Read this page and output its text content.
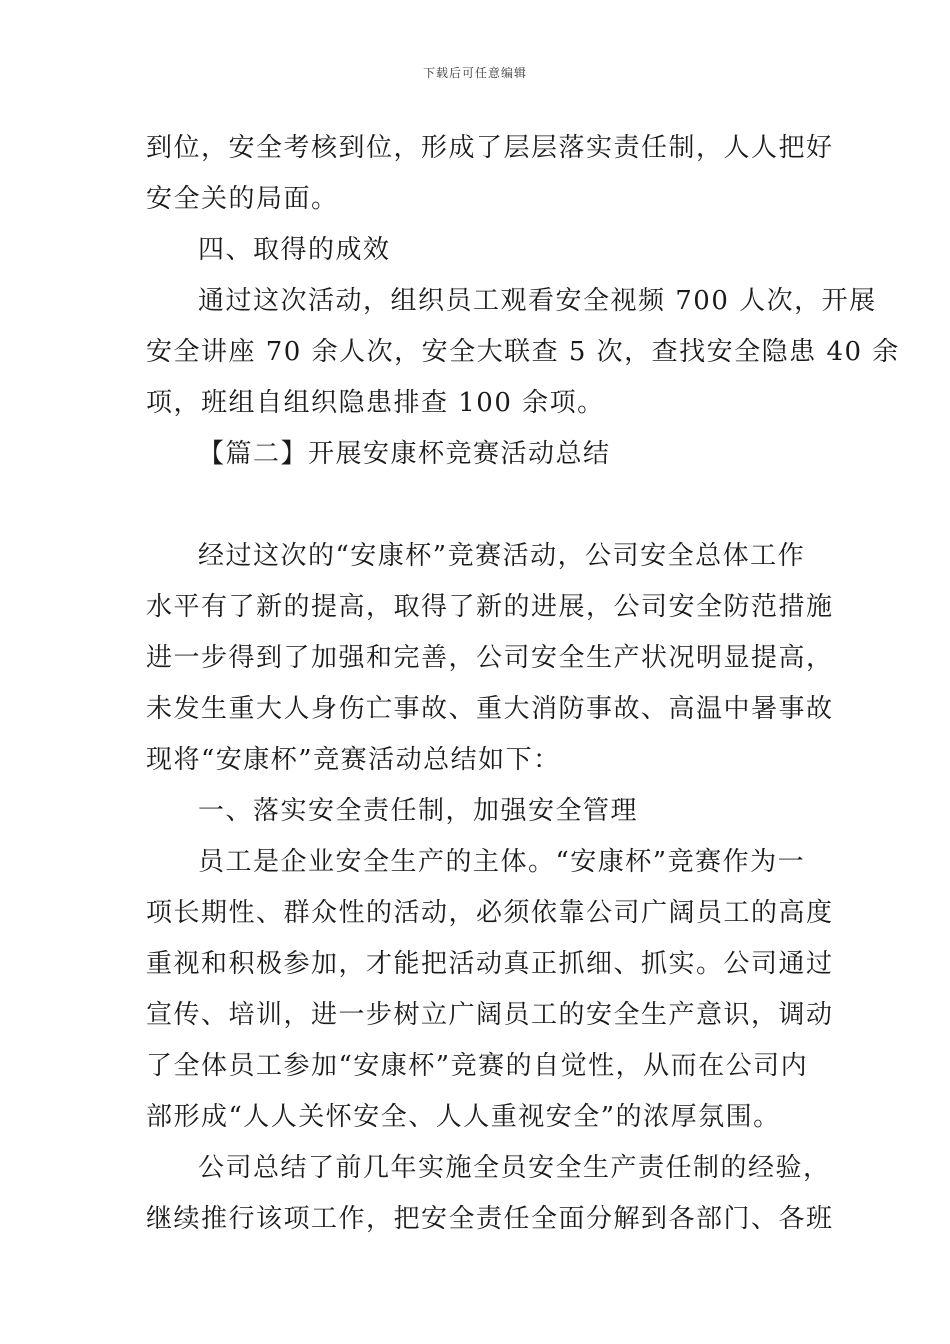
下载后可任意编辑
到位，安全考核到位，形成了层层落实责任制，人人把好
安全关的局面。
四、取得的成效
通过这次活动，组织员工观看安全视频 700 人次，开展
安全讲座 70 余人次，安全大联查 5 次，查找安全隐患 40 余
项，班组自组织隐患排查 100 余项。
【篇二】开展安康杯竞赛活动总结
经过这次的“安康杯”竞赛活动，公司安全总体工作
水平有了新的提高，取得了新的进展，公司安全防范措施
进一步得到了加强和完善，公司安全生产状况明显提高，
未发生重大人身伤亡事故、重大消防事故、高温中暑事故
现将“安康杯”竞赛活动总结如下：
一、落实安全责任制，加强安全管理
员工是企业安全生产的主体。“安康杯”竞赛作为一
项长期性、群众性的活动，必须依靠公司广阔员工的高度
重视和积极参加，才能把活动真正抓细、抓实。公司通过
宣传、培训，进一步树立广阔员工的安全生产意识，调动
了全体员工参加“安康杯”竞赛的自觉性，从而在公司内
部形成“人人关怀安全、人人重视安全”的浓厚氛围。
公司总结了前几年实施全员安全生产责任制的经验，
继续推行该项工作，把安全责任全面分解到各部门、各班
